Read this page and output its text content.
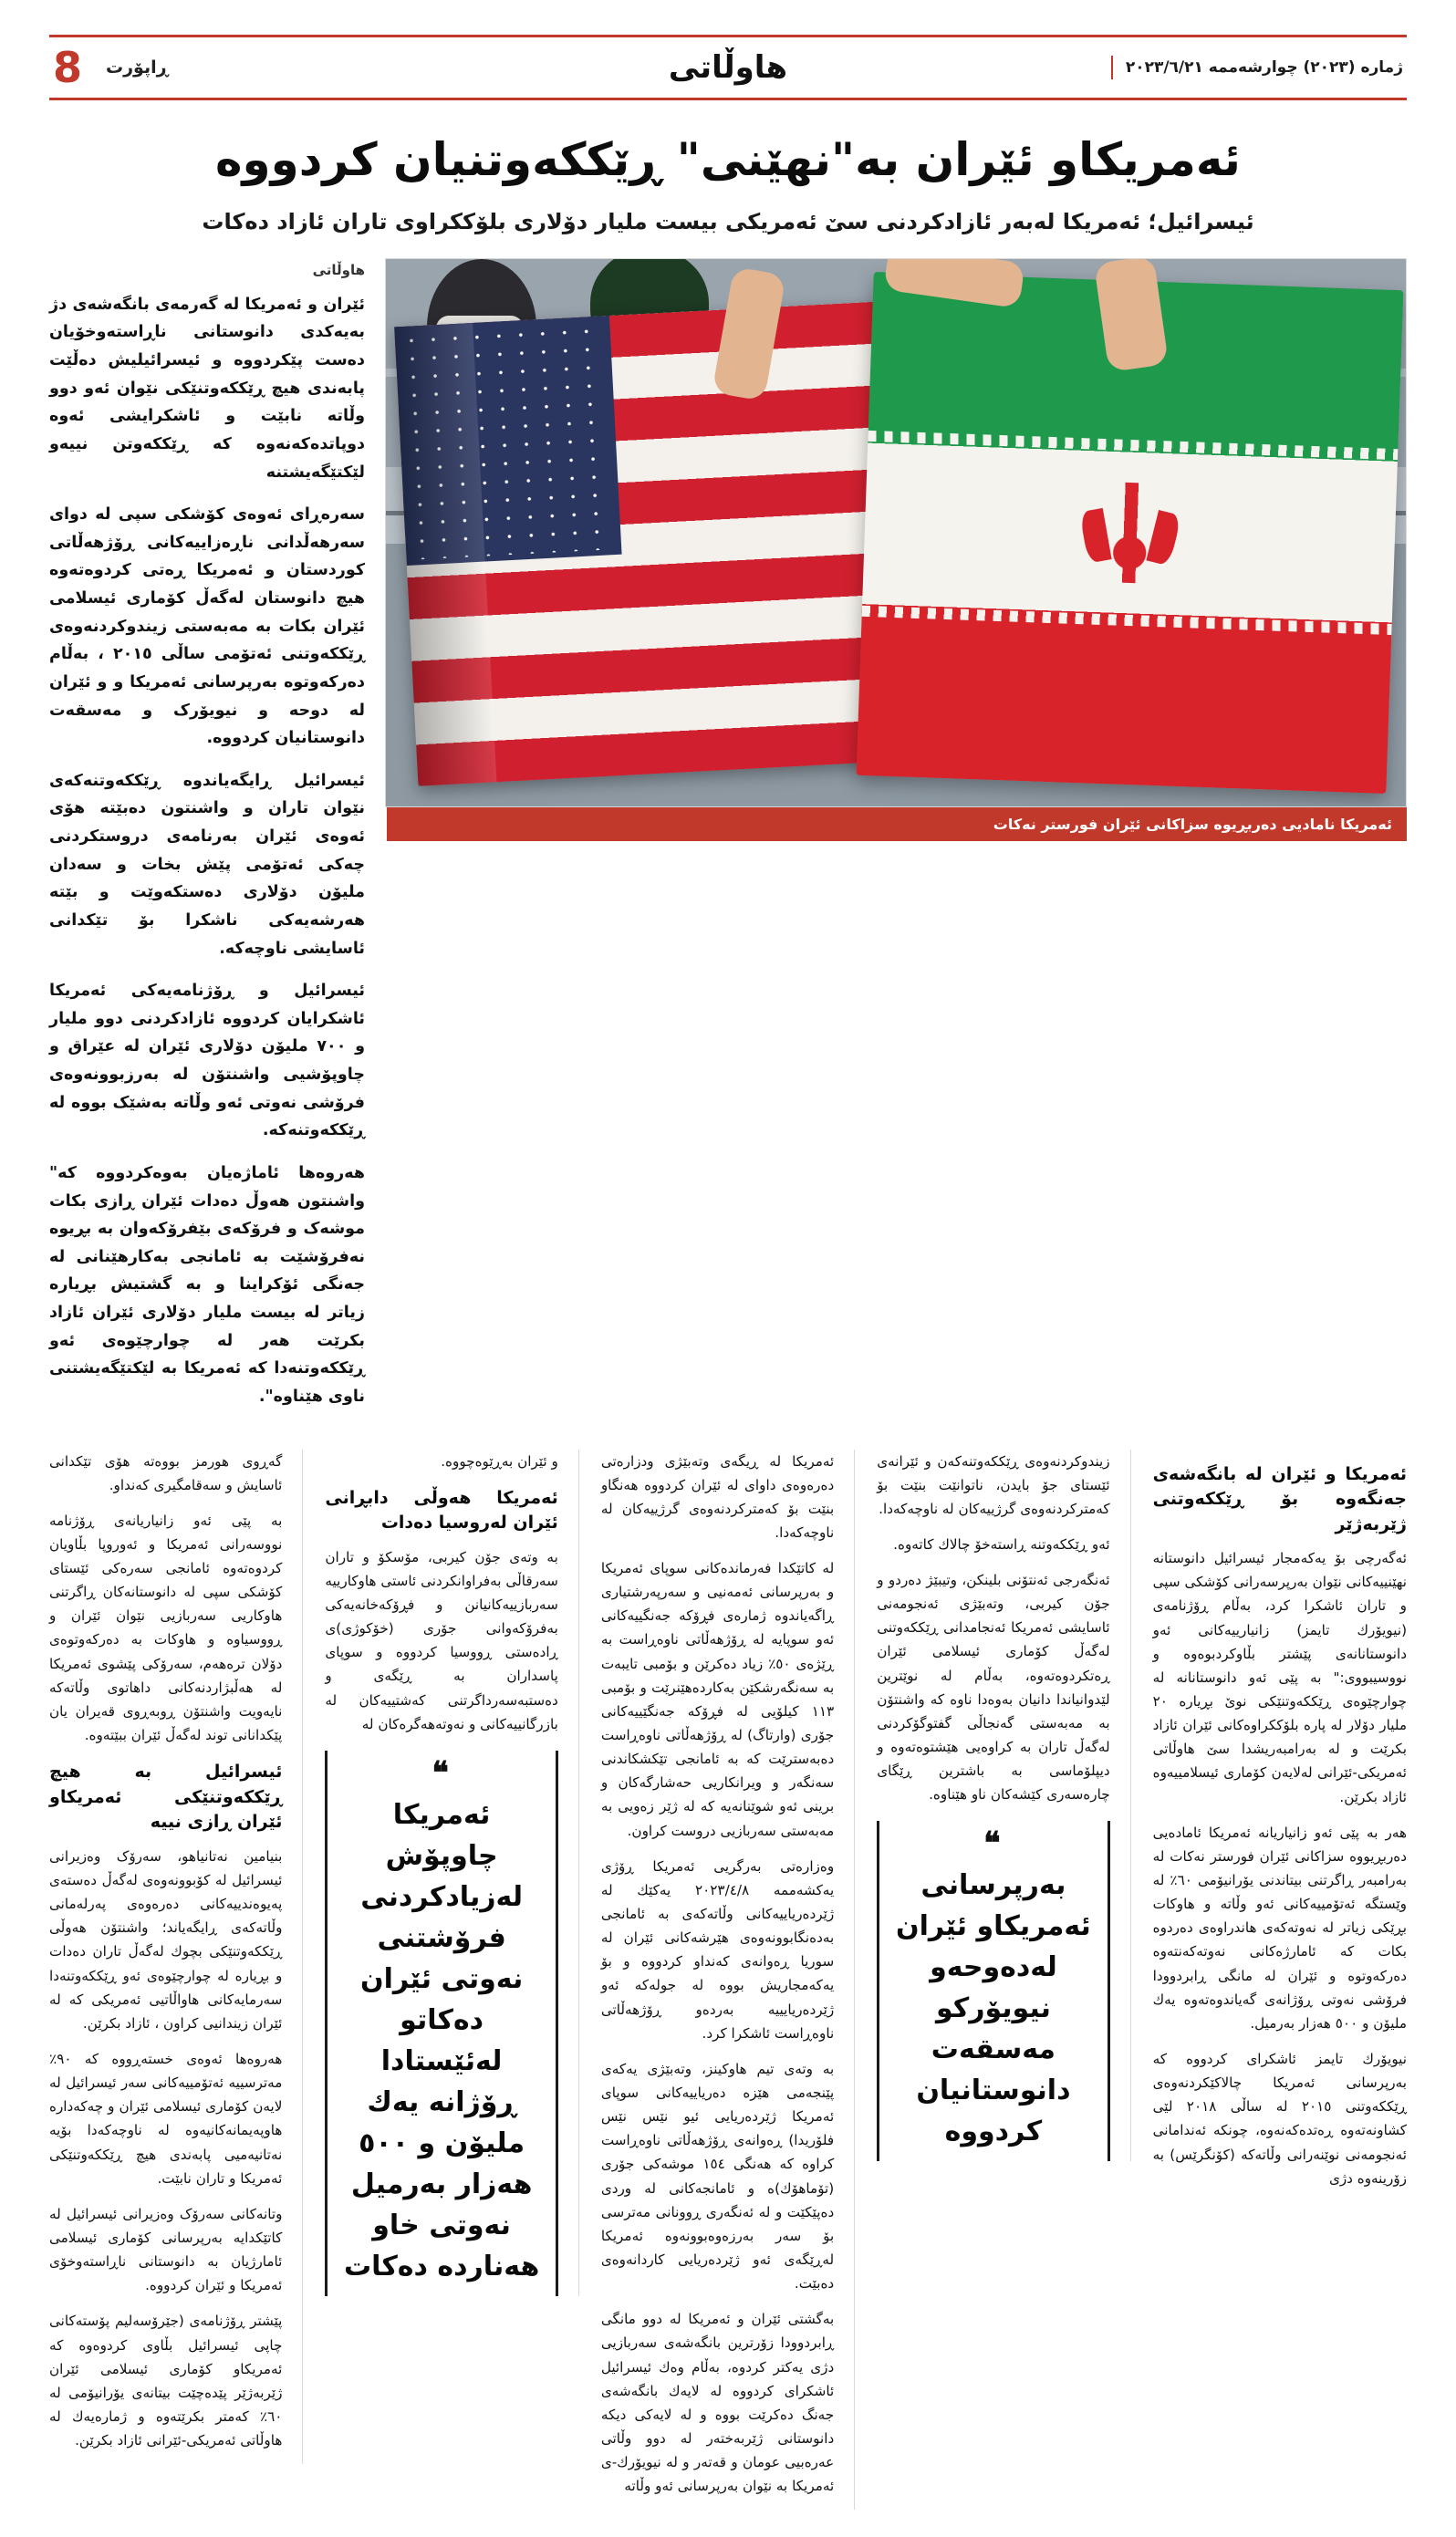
ژماره (٢٠٢٣) چوارشەممە ٢٠٢٣/٦/٢١
هاوڵاتی
ڕاپۆرت
8
ئەمریکاو ئێران بە"نهێنی" ڕێککەوتنیان کردووە
ئیسرائیل؛ ئەمریکا لەبەر ئازادکردنی سێ ئەمریکی بیست ملیار دۆلاری بلۆککراوی تاران ئازاد دەکات
ئەمریکا نامادیی دەربڕیوە سزاکانی ئێران فورستر نەکات
هاوڵاتی

ئێران و ئەمریکا لە گەرمەی بانگەشەی دژ بەیەکدی دانوستانی ناڕاستەوخۆیان دەست پێکردووە و ئیسرائیلیش دەڵێت پابەندی هیچ ڕێککەوتنێکی نێوان ئەو دوو وڵاتە نابێت و ئاشکرایشی ئەوە دوپاتدەکەنەوە کە ڕێککەوتن نییەو لێکتێگەیشتنە

سەرەڕای ئەوەی کۆشکی سپی لە دوای سەرهەڵدانی ناڕەزاییەکانی ڕۆژهەڵاتی کوردستان و ئەمریکا ڕەتی کردوەتەوە هیچ دانوستان لەگەڵ کۆماری ئیسلامی ئێران بکات بە مەبەستی زیندوکردنەوەی ڕێککەوتنی ئەتۆمی ساڵی ٢٠١٥ ، بەڵام دەرکەوتوە بەرپرسانی ئەمریکا و و ئێران لە دوحە و نیویۆرک و مەسقەت دانوستانیان کردووە.

ئیسرائیل ڕایگەیاندوە ڕێککەوتنەکەی نێوان تاران و واشنتون دەبێتە هۆی ئەوەی ئێران بەرنامەی دروستکردنی چەکی ئەتۆمی پێش بخات و سەدان ملیۆن دۆلاری دەستکەوێت و بێتە هەرشەیەکی ناشکرا بۆ تێکدانی ئاسایشی ناوچەکە.

ئیسرائیل و ڕۆژنامەیەکی ئەمریکا ئاشکرایان کردووە ئازادکردنی دوو ملیار و ٧٠٠ ملیۆن دۆلاری ئێران لە عێراق و چاوپۆشیی واشنتۆن لە بەرزبوونەوەی فرۆشی نەوتی ئەو وڵاتە بەشێک بووە لە ڕێککەوتنەکە.

هەروەها ئاماژەیان بەوەکردووە کە" واشنتون هەوڵ دەدات ئێران ڕازی بکات موشەک و فرۆکەی بێفرۆکەوان بە بڕیوە نەفرۆشێت بە ئامانجی بەکارهێنانی لە جەنگی ئۆکراینا و بە گشتیش بڕیارە زیاتر لە بیست ملیار دۆلاری ئێران ئازاد بکرێت هەر لە چوارچێوەی ئەو ڕێککەوتنەدا کە ئەمریکا بە لێکتێگەیشتنی ناوی هێناوە".

ئەمریکا و ئێران لە بانگەشەی جەنگەوە بۆ ڕێککەوتنی ژێربەژێر

ئەگەرچی بۆ یەکەمجار ئیسرائیل دانوستانە نهێنییەکانی نێوان بەرپرسەرانی کۆشکی سپی و تاران ئاشکرا کرد، بەڵام ڕۆژنامەی (نیویۆرك تایمز) زانیارییەکانی ئەو دانوستانانەی پێشتر بڵاوکردبوەوە و نووسیبووی:" بە پێی ئەو دانوستانانە لە چوارچێوەی ڕێککەوتنێکی نوێ بڕیارە ٢٠ ملیار دۆلار لە پارە بلۆککراوەکانی ئێران ئازاد بکرێت و لە بەرامبەریشدا سێ هاوڵاتی ئەمریکی-ئێرانی لەلایەن کۆماری ئیسلامییەوە ئازاد بکرێن.

هەر بە پێی ئەو زانیاریانە ئەمریکا ئامادەیی دەربڕیووە سزاکانی ئێران فورستر نەکات لە بەرامبەر ڕاگرتنی بیتاندنی یۆرانیۆمی ٦٠٪ لە وێستگە ئەتۆمییەکانی ئەو وڵاتە و هاوکات بڕێکی زیاتر لە نەوتەکەی هاندراوەی دەردوە بکات کە ئامارژەکانی نەوتەکەنتەوە دەرکەوتوە و ئێران لە مانگی ڕابردوودا فرۆشی نەوتی ڕۆژانەی گەیاندوەتەوە یەك ملیۆن و ٥٠٠ هەزار بەرمیل.

نیویۆرك تایمز ئاشکرای کردووە کە بەرپرسانی ئەمریکا چالاکێکردنەوەی ڕێککەوتنی ٢٠١٥ لە ساڵی ٢٠١٨ لێی کشاونەتەوە ڕەتدەکەنەوە، چونکە ئەندامانی ئەنجومەنی نوێنەرانی وڵاتەکە (کۆنگرێس) بە زۆرینەوە دژی

زیندوکردنەوەی ڕێککەوتنەکەن و ئێرانەی ئێستای جۆ بایدن، ناتوانێت بنێت بۆ کەمترکردنەوەی گرژییەکان لە ناوچەکەدا.

ئەو ڕێککەوتنە ڕاستەخۆ چالاك کاتەوە.

ئەنگەرجی ئەنتۆنی بلینکن، وتیبێژ دەردو و جۆن کیربی، وتەبێژی ئەنجومەنی ئاسایشی ئەمریکا ئەنجامدانی ڕێککەوتنی لەگەڵ کۆماری ئیسلامی ئێران ڕەتکردوەتەوە، بەڵام لە نوێترین لێدوانیاندا دانیان بەوەدا ناوە کە واشنتۆن بە مەبەستی گەنجاڵی گفتوگۆکردنی لەگەڵ تاران بە کراوەیی هێشتوەتەوە و دیپلۆماسی بە باشترین ڕێگای چارەسەری کێشەکان ناو هێناوە.

❝
بەرپرسانی ئەمریکاو ئێران لەدەوحەو نیویۆرکو مەسقەت دانوستانیان کردووە

ئەمریکا لە ڕیگەی وتەبێژی ودزارەتی دەرەوەی داوای لە ئێران کردووە هەنگاو بنێت بۆ کەمترکردنەوەی گرژییەکان لە ناوچەکەدا.

لە کاتێکدا فەرماندەکانی سوپای ئەمریکا و بەرپرسانی ئەمەنیی و سەرپەرشتیاری ڕاگەیاندوە ژمارەی فڕۆکە جەنگییەکانی ئەو سوپایە لە ڕۆژهەڵاتی ناوەڕاست بە ڕێژەی ٥٠٪ زیاد دەکرێن و بۆمبی تایبەت بە سەنگەرشکێن بەکاردەهێنرێت و بۆمبی ١١٣ کیلۆیی لە فڕۆکە جەنگێییەکانی جۆری (وارتاگ) لە ڕۆژهەڵاتی ناوەڕاست دەبەسترێت کە بە ئامانجی تێکشکاندنی سەنگەر و ویرانکاریی حەشارگەکان و برینی ئەو شوێنانەیە کە لە ژێر زەویی بە مەبەستی سەربازیی دروست کراون.

وەزارەتی بەرگریی ئەمریکا ڕۆژی یەکشەممە ٢٠٢٣/٤/٨ یەکێك لە ژێردەریاییەکانی وڵاتەکەی بە ئامانجی بەدەنگابوونەوەی هێرشەکانی ئێران لە سوریا ڕەوانەی کەنداو کردووە و بۆ یەکەمجاریش بووە لە جولەکە ئەو ژێردەریایییە بەردەو ڕۆژهەڵاتی ناوەڕاست ئاشکرا کرد.

بە وتەی تیم هاوکینز، وتەبێژی یەکەی پێنجەمی هێزە دەریاییەکانی سوپای ئەمریکا ژێردەریایی ئیو نێس نێس فلۆریدا) ڕەوانەی ڕۆژهەڵاتی ناوەڕاست کراوە کە هەنگی ١٥٤ موشەکی جۆری (تۆماهۆك)ە و ئامانجەکانی لە وردی دەپێکێت و لە ئەنگەری ڕوونانی مەترسی بۆ سەر بەرزەوەبوونەوە ئەمریکا لەڕێگەی ئەو ژێردەریایی کاردانەوەی دەبێت.

بەگشتی ئێران و ئەمریکا لە دوو مانگی ڕابردوودا زۆرترین بانگەشەی سەربازیی دژی یەکتر کردوە، بەڵام وەك ئیسرائیل ئاشکرای کردووە لە لایەك بانگەشەی جەنگ دەکرێت بووە و لە لایەکی دیکە دانوستانی ژێربەختەر لە دوو وڵاتی عەرەبیی عومان و قەتەر و لە نیویۆرك-ی ئەمریکا بە نێوان بەرپرسانی ئەو وڵاتە

و ئێران بەڕێوەچووە.

ئەمریکا هەوڵی دابڕانی ئێران لەروسیا دەدات

بە وتەی جۆن کیربی، مۆسکۆ و تاران سەرقاڵی بەفراوانکردنی ئاستی هاوکارییە سەربازییەکانیانن و فڕۆکەخانەیەکی بەفرۆکەوانی جۆری (خۆکوژی)ی ڕادەستی ڕووسیا کردووە و سوپای پاسداران بە ڕێگەی و دەستبەسەرداگرتنی کەشتییەکان لە بازرگانییەکانی و نەوتەهەگرەکان لە

❝
ئەمریکا چاوپۆش لەزیادکردنی فرۆشتنی نەوتی ئێران دەکاتو لەئێستادا ڕۆژانە یەك ملیۆن و ٥٠٠ هەزار بەرمیل نەوتی خاو هەناردە دەکات

گەڕوی هورمز بووەتە هۆی تێکدانی ئاسایش و سەقامگیری کەنداو.

بە پێی ئەو زانیاریانەی ڕۆژنامە نووسەرانی ئەمریکا و ئەوروپا بڵاویان کردوەتەوە ئامانجی سەرەکی ئێستای کۆشکی سپی لە دانوستانەکان ڕاگرتنی هاوکاریی سەربازیی نێوان ئێران و ڕووسیاوە و هاوکات بە دەرکەوتوەی دۆلان ترەهەم، سەرۆکی پێشوی ئەمریکا لە هەڵبژاردنەکانی داهاتوی وڵاتەکە نایەویت واشنتۆن ڕوبەڕوی قەیران یان پێکدانانی توند لەگەڵ ئێران ببێتەوە.

ئیسرائیل بە هیچ ڕێککەوتنێکی ئەمریکاو ئێران ڕازی نییە

بنیامین نەتانیاهو، سەرۆک وەزیرانی ئیسرائیل لە کۆبوونەوەی لەگەڵ دەستەی پەیوەندییەکانی دەرەوەی پەرلەمانی وڵاتەکەی ڕایگەیاند؛ واشنتۆن هەوڵی ڕێککەوتنێکی بچوك لەگەڵ تاران دەدات و بڕیارە لە چوارچێوەی ئەو ڕێککەوتنەدا سەرمایەکانی هاواڵاتیی ئەمریکی کە لە ئێران زیندانیی کراون ، ئازاد بکرێن.

هەروەها ئەوەی خستەڕووە کە ٩٠٪ مەترسییە ئەتۆمییەکانی سەر ئیسرائیل لە لایەن کۆماری ئیسلامی ئێران و چەکەدارە هاوپەیمانەکانیەوە لە ناوچەکەدا بۆیە نەتانیەمیی پابەندی هیچ ڕێککەوتنێکی ئەمریکا و تاران نابێت.

وتانەکانی سەرۆک وەزیرانی ئیسرائیل لە کاتێکدایە بەرپرسانی کۆماری ئیسلامی ئامارژیان بە دانوستانی ناڕاستەوخۆی ئەمریکا و ئێران کردووە.

پێشتر ڕۆژنامەی (جێرۆسەلیم پۆستەکانی چاپی ئیسرائیل بڵاوی کردوەوە کە ئەمریکاو کۆماری ئیسلامی ئێران ژێربەژێر پێدەچێت بیتانەی یۆرانیۆمی لە ٦٠٪ کەمتر بکرێتەوە و ژمارەیەك لە هاوڵاتی ئەمریکی-ئێرانی ئازاد بکرێن.
